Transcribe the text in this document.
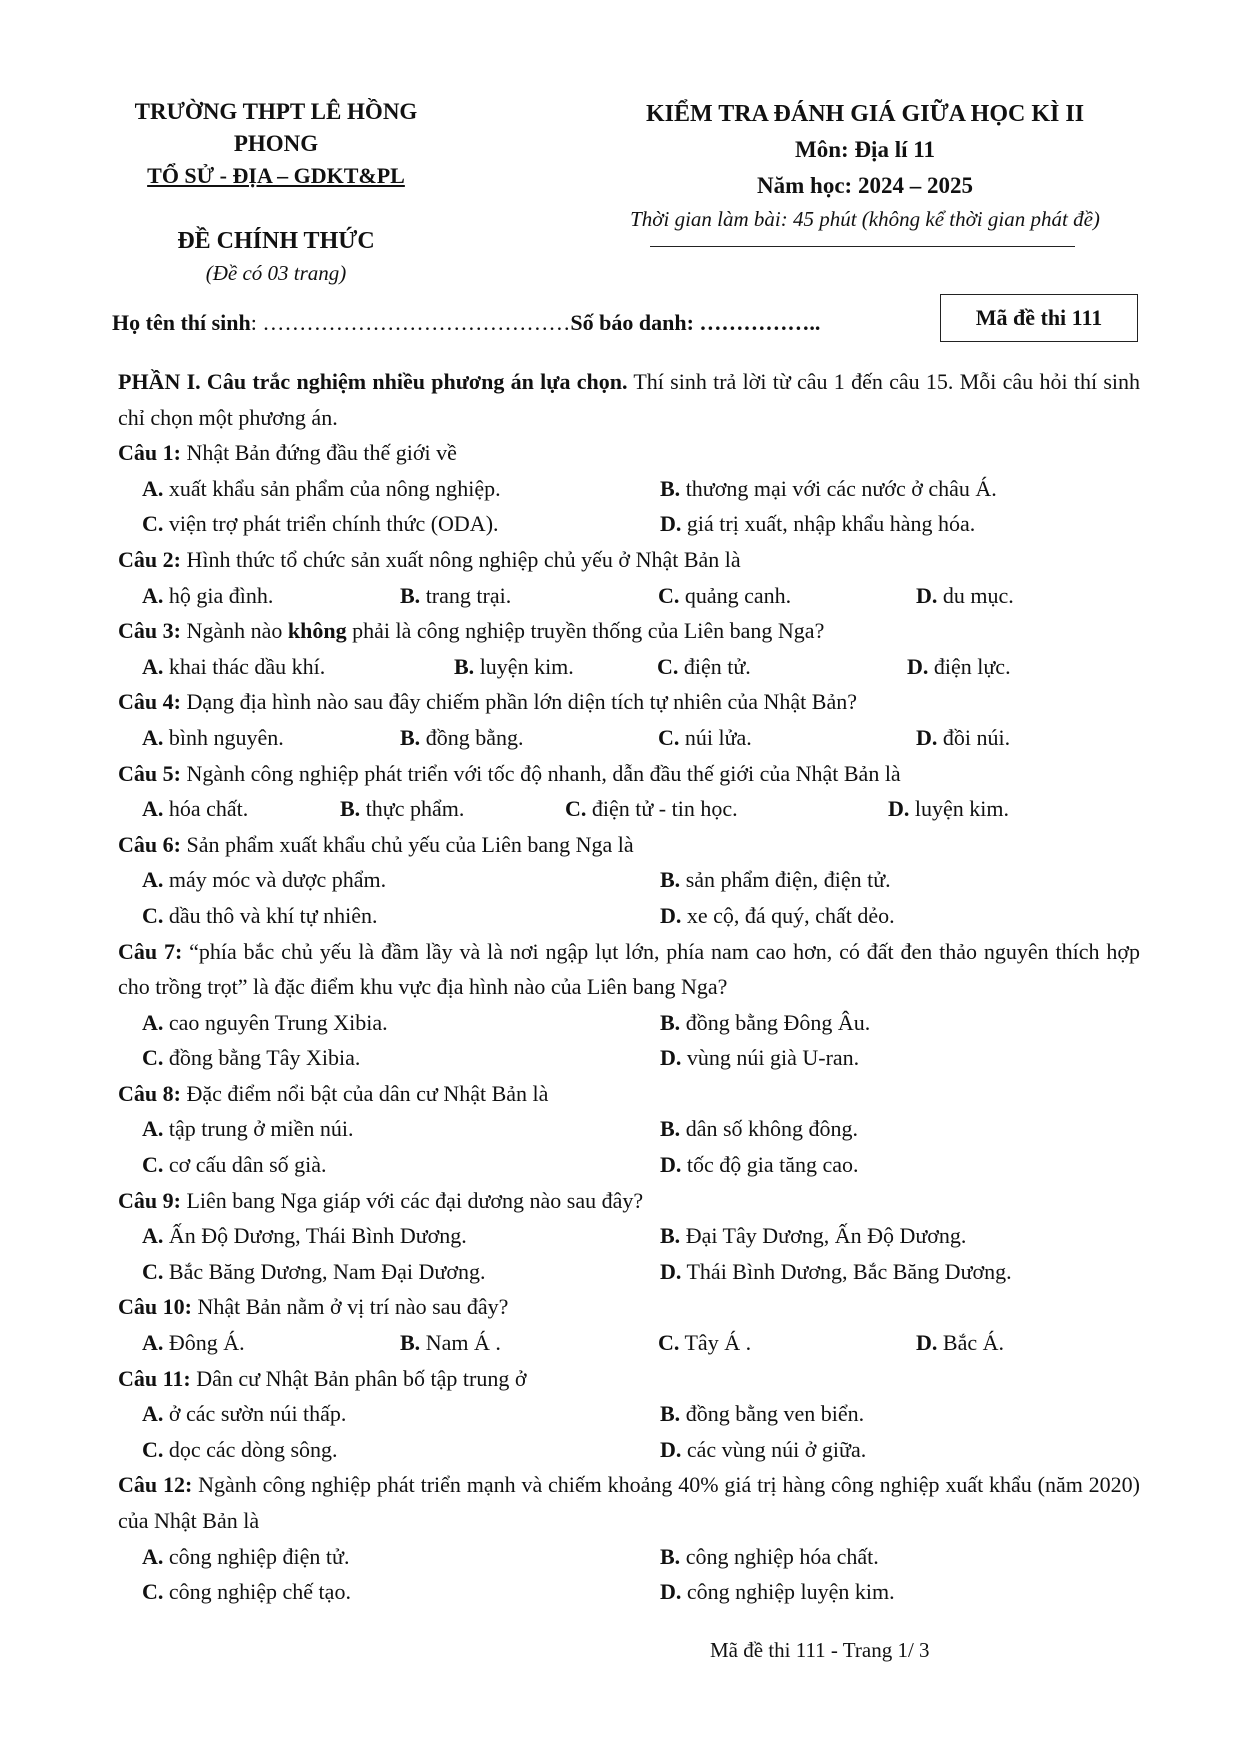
TRƯỜNG THPT LÊ HỒNG PHONG
TỔ SỬ - ĐỊA – GDKT&PL
ĐỀ CHÍNH THỨC
(Đề có 03 trang)
KIỂM TRA ĐÁNH GIÁ GIỮA HỌC KÌ II
Môn: Địa lí 11
Năm học: 2024 – 2025
Thời gian làm bài: 45 phút (không kể thời gian phát đề)
Họ tên thí sinh: ……………………………………Số báo danh: ……………..	Mã đề thi 111

PHẦN I. Câu trắc nghiệm nhiều phương án lựa chọn. Thí sinh trả lời từ câu 1 đến câu 15. Mỗi câu hỏi thí sinh chỉ chọn một phương án.

Câu 1: Nhật Bản đứng đầu thế giới về

A. xuất khẩu sản phẩm của nông nghiệp.	B. thương mại với các nước ở châu Á.
C. viện trợ phát triển chính thức (ODA).	D. giá trị xuất, nhập khẩu hàng hóa.

Câu 2: Hình thức tổ chức sản xuất nông nghiệp chủ yếu ở Nhật Bản là

A. hộ gia đình.	B. trang trại.	C. quảng canh.	D. du mục.

Câu 3: Ngành nào không phải là công nghiệp truyền thống của Liên bang Nga?

A. khai thác dầu khí.	B. luyện kim.	C. điện tử.	D. điện lực.

Câu 4: Dạng địa hình nào sau đây chiếm phần lớn diện tích tự nhiên của Nhật Bản?

A. bình nguyên.	B. đồng bằng.	C. núi lửa.	D. đồi núi.

Câu 5: Ngành công nghiệp phát triển với tốc độ nhanh, dẫn đầu thế giới của Nhật Bản là

A. hóa chất.	B. thực phẩm.	C. điện tử - tin học.	D. luyện kim.

Câu 6: Sản phẩm xuất khẩu chủ yếu của Liên bang Nga là

A. máy móc và dược phẩm.	B. sản phẩm điện, điện tử.
C. dầu thô và khí tự nhiên.	D. xe cộ, đá quý, chất dẻo.

Câu 7: “phía bắc chủ yếu là đầm lầy và là nơi ngập lụt lớn, phía nam cao hơn, có đất đen thảo nguyên thích hợp cho trồng trọt” là đặc điểm khu vực địa hình nào của Liên bang Nga?

A. cao nguyên Trung Xibia.	B. đồng bằng Đông Âu.
C. đồng bằng Tây Xibia.	D. vùng núi già U-ran.

Câu 8: Đặc điểm nổi bật của dân cư Nhật Bản là

A. tập trung ở miền núi.	B. dân số không đông.
C. cơ cấu dân số già.	D. tốc độ gia tăng cao.

Câu 9: Liên bang Nga giáp với các đại dương nào sau đây?

A. Ấn Độ Dương, Thái Bình Dương.	B. Đại Tây Dương, Ấn Độ Dương.
C. Bắc Băng Dương, Nam Đại Dương.	D. Thái Bình Dương, Bắc Băng Dương.

Câu 10: Nhật Bản nằm ở vị trí nào sau đây?

A. Đông Á.	B. Nam Á .	C. Tây Á .	D. Bắc Á.

Câu 11: Dân cư Nhật Bản phân bố tập trung ở

A. ở các sườn núi thấp.	B. đồng bằng ven biển.
C. dọc các dòng sông.	D. các vùng núi ở giữa.

Câu 12: Ngành công nghiệp phát triển mạnh và chiếm khoảng 40% giá trị hàng công nghiệp xuất khẩu (năm 2020) của Nhật Bản là

A. công nghiệp điện tử.	B. công nghiệp hóa chất.
C. công nghiệp chế tạo.	D. công nghiệp luyện kim.
Mã đề thi 111 - Trang 1/ 3
